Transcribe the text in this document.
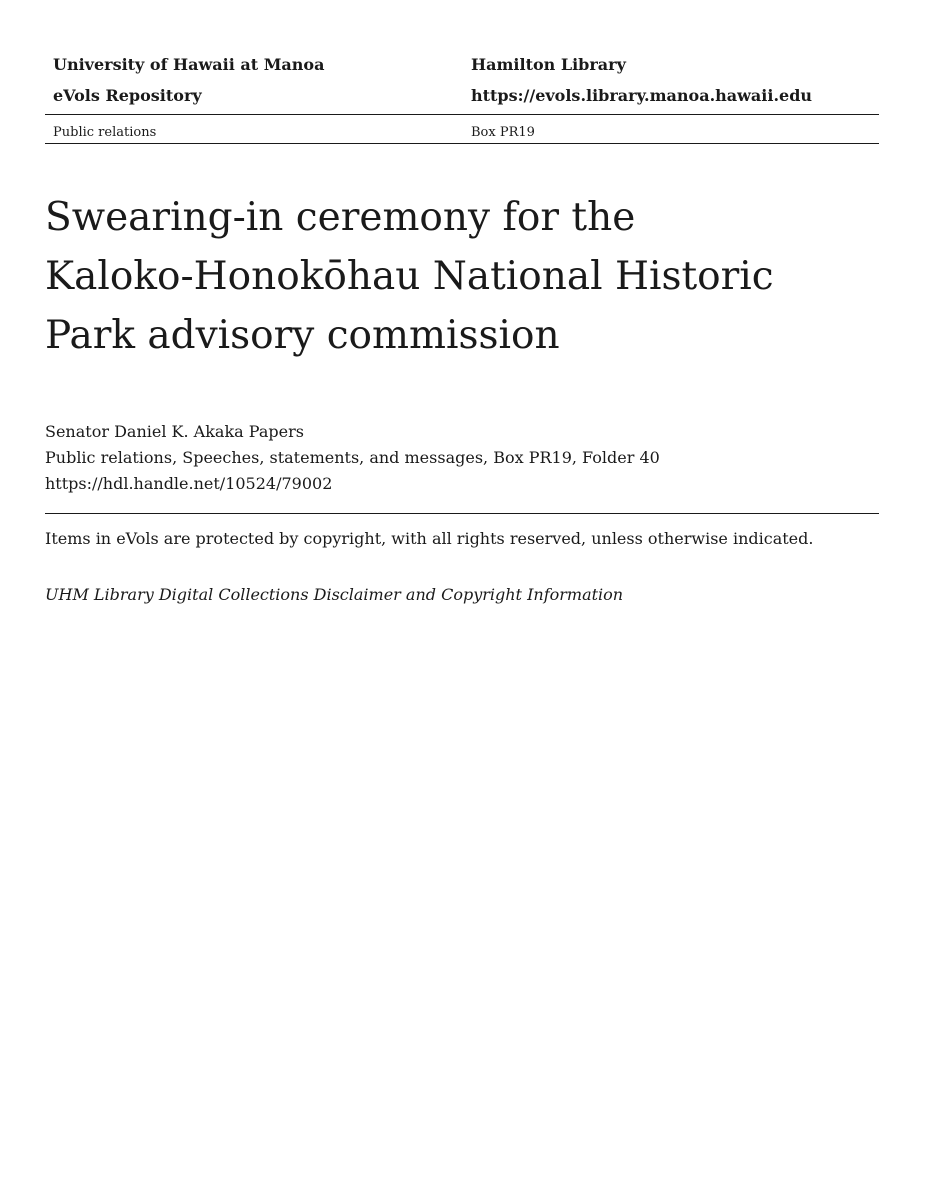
University of Hawaii at Manoa	Hamilton Library
eVols Repository	https://evols.library.manoa.hawaii.edu
Public relations	Box PR19
Swearing-in ceremony for the
Kaloko-Honokōhau National Historic
Park advisory commission
Senator Daniel K. Akaka Papers
Public relations, Speeches, statements, and messages, Box PR19, Folder 40
https://hdl.handle.net/10524/79002
Items in eVols are protected by copyright, with all rights reserved, unless otherwise indicated.
UHM Library Digital Collections Disclaimer and Copyright Information
